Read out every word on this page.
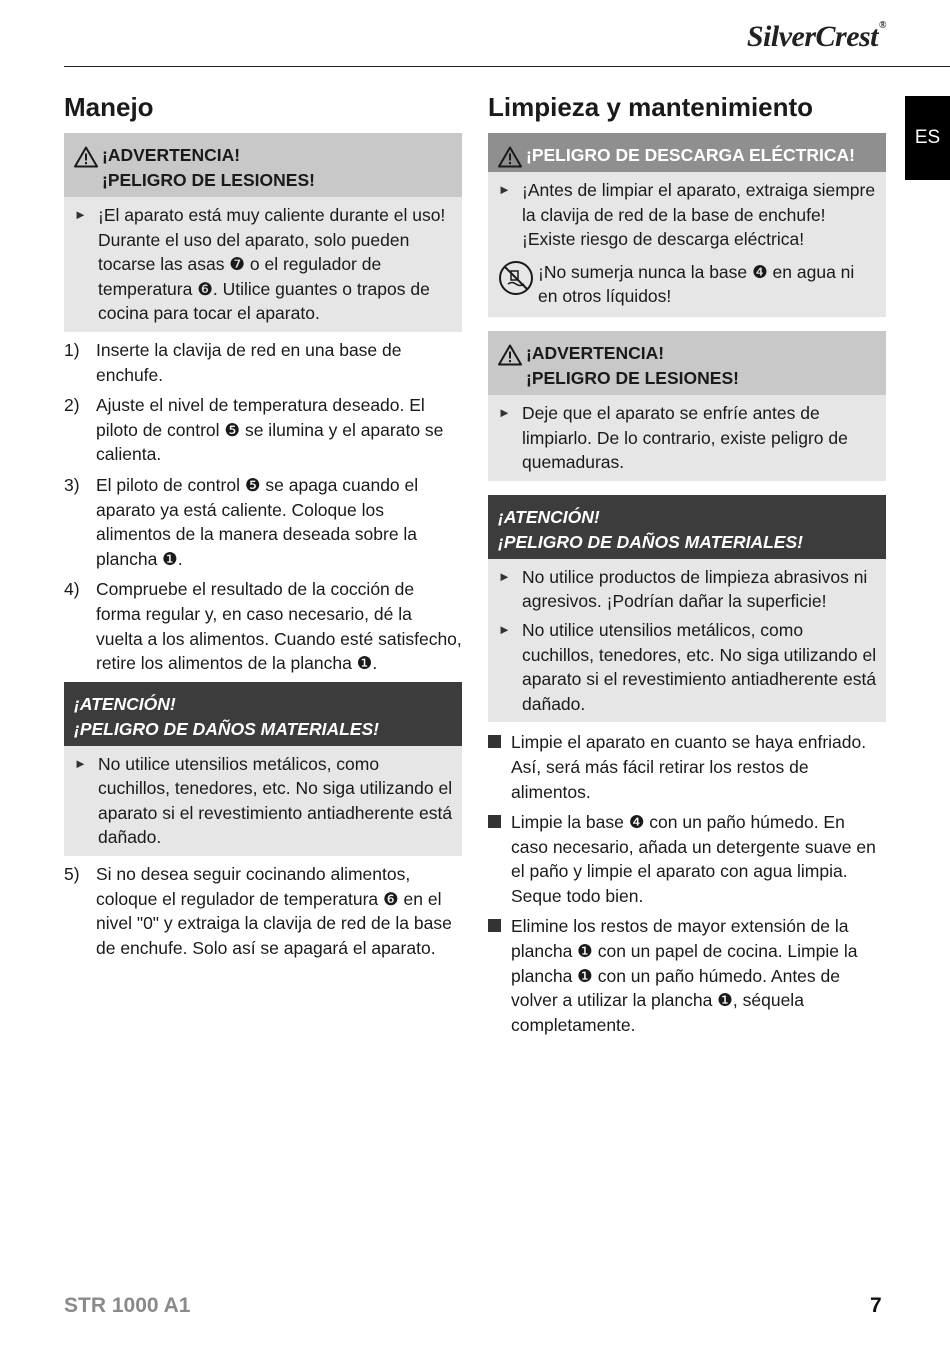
SilverCrest®
ES
Manejo
¡ADVERTENCIA!
¡PELIGRO DE LESIONES!
► ¡El aparato está muy caliente durante el uso! Durante el uso del aparato, solo pueden tocarse las asas ❼ o el regulador de temperatura ❻. Utilice guantes o trapos de cocina para tocar el aparato.
1) Inserte la clavija de red en una base de enchufe.
2) Ajuste el nivel de temperatura deseado. El piloto de control ❺ se ilumina y el aparato se calienta.
3) El piloto de control ❺ se apaga cuando el aparato ya está caliente. Coloque los alimentos de la manera deseada sobre la plancha ❶.
4) Compruebe el resultado de la cocción de forma regular y, en caso necesario, dé la vuelta a los alimentos. Cuando esté satisfecho, retire los alimentos de la plancha ❶.
¡ATENCIÓN!
¡PELIGRO DE DAÑOS MATERIALES!
► No utilice utensilios metálicos, como cuchillos, tenedores, etc. No siga utilizando el aparato si el revestimiento antiadherente está dañado.
5) Si no desea seguir cocinando alimentos, coloque el regulador de temperatura ❻ en el nivel "0" y extraiga la clavija de red de la base de enchufe. Solo así se apagará el aparato.
Limpieza y mantenimiento
¡PELIGRO DE DESCARGA ELÉCTRICA!
► ¡Antes de limpiar el aparato, extraiga siempre la clavija de red de la base de enchufe! ¡Existe riesgo de descarga eléctrica!
¡No sumerja nunca la base ❹ en agua ni en otros líquidos!
¡ADVERTENCIA!
¡PELIGRO DE LESIONES!
► Deje que el aparato se enfríe antes de limpiarlo. De lo contrario, existe peligro de quemaduras.
¡ATENCIÓN!
¡PELIGRO DE DAÑOS MATERIALES!
► No utilice productos de limpieza abrasivos ni agresivos. ¡Podrían dañar la superficie!
► No utilice utensilios metálicos, como cuchillos, tenedores, etc. No siga utilizando el aparato si el revestimiento antiadherente está dañado.
Limpie el aparato en cuanto se haya enfriado. Así, será más fácil retirar los restos de alimentos.
Limpie la base ❹ con un paño húmedo. En caso necesario, añada un detergente suave en el paño y limpie el aparato con agua limpia. Seque todo bien.
Elimine los restos de mayor extensión de la plancha ❶ con un papel de cocina. Limpie la plancha ❶ con un paño húmedo. Antes de volver a utilizar la plancha ❶, séquela completamente.
STR 1000 A1	7
